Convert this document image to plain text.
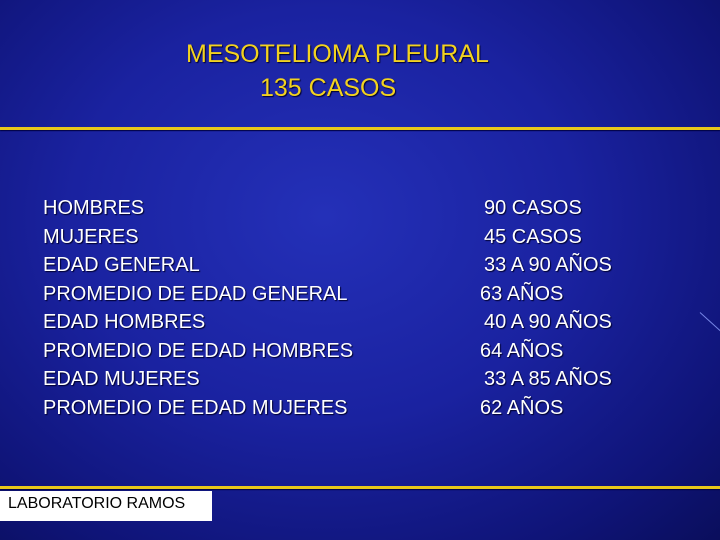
MESOTELIOMA PLEURAL
135 CASOS
HOMBRES
MUJERES
EDAD GENERAL
PROMEDIO DE EDAD GENERAL
EDAD HOMBRES
PROMEDIO DE EDAD HOMBRES
EDAD MUJERES
PROMEDIO DE EDAD MUJERES
90 CASOS
45 CASOS
33 A 90 AÑOS
63 AÑOS
40 A 90 AÑOS
64 AÑOS
33 A 85 AÑOS
62 AÑOS
LABORATORIO RAMOS
